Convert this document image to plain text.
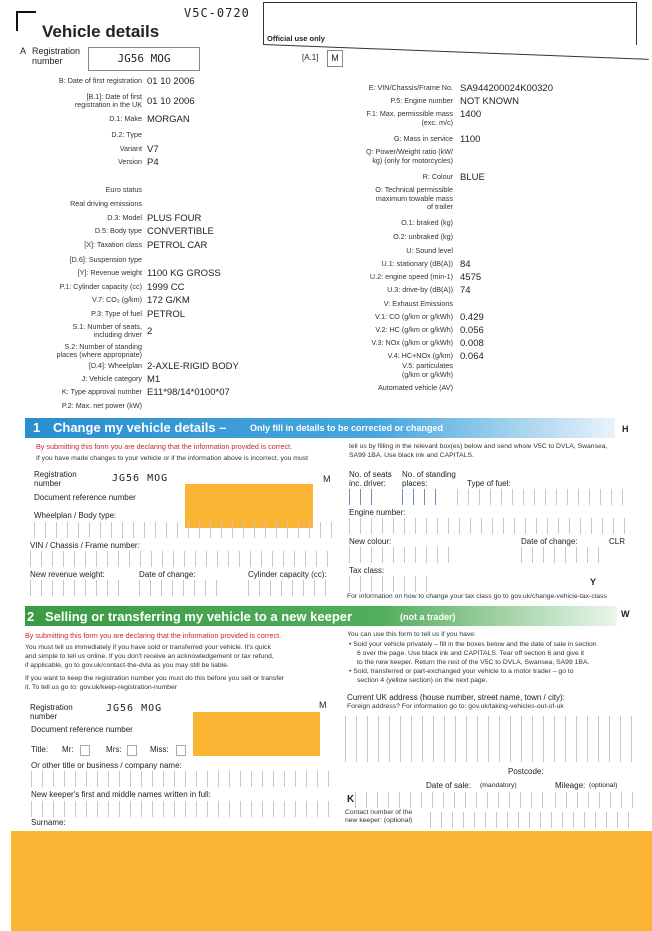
V5C-0720
Vehicle details	Official use only
A Registration
number	JG56 MOG	[A.1]	M
B: Date of first registration 01 10 2006
[B.1]: Date of first
registration in the UK 01 10 2006
D.1: Make MORGAN
D.2: Type
Variant V7
Version P4
Euro status
Real driving emissions
D.3: Model PLUS FOUR
D.5: Body type CONVERTIBLE
[X]: Taxation class PETROL CAR
[D.6]: Suspension type
[Y]: Revenue weight 1100 KG GROSS
P.1: Cylinder capacity (cc) 1999 CC
V.7: CO₂ (g/km) 172 G/KM
P.3: Type of fuel PETROL
S.1: Number of seats,
including driver 2
S.2: Number of standing
places (where appropriate)
[D.4]: Wheelplan 2-AXLE-RIGID BODY
J: Vehicle category M1
K: Type approval number E11*98/14*0100*07
P.2: Max. net power (kW)
E: VIN/Chassis/Frame No. SA944200024K00320
P.5: Engine number NOT KNOWN
F.1: Max. permissible mass
(exc. m/c)
1400
G: Mass in service 1100
Q: Power/Weight ratio (kW/
kg) (only for motorcycles)
R: Colour BLUE
O: Technical permissible
maximum towable mass
of trailer
O.1: braked (kg)
O.2: unbraked (kg)
U: Sound level
U.1: stationary (dB(A)) 84
U.2: engine speed (min-1) 4575
U.3: drive-by (dB(A)) 74
V: Exhaust Emissions
V.1: CO (g/km or g/kWh) 0.429
V.2: HC (g/km or g/kWh) 0.056
V.3: NOx (g/km or g/kWh) 0.008
V.4: HC+NOx (g/km) 0.064
V.5: particulates
(g/km or g/kWh)
Automated vehicle (AV)
1 Change my vehicle details –	Only fill in details to be corrected or changed	H
By submitting this form you are declaring that the information provided is correct.
If you have made changes to your vehicle or if the information above is incorrect, you must
tell us by filling in the relevant box(es) below and send whole V5C to DVLA, Swansea,
SA99 1BA. Use black ink and CAPITALS.
Registration
number	JG56 MOG	M
Document reference number
Wheelplan / Body type:
VIN / Chassis / Frame number:
New revenue weight:	Date of change:	Cylinder capacity (cc):
No. of seats
inc. driver:
No. of standing
places:	Type of fuel:
Engine number:
New colour:	Date of change:	CLR
Tax class:
Y
For information on how to change your tax class go to gov.uk/change-vehicle-tax-class
2 Selling or transferring my vehicle to a new keeper	(not a trader)	W
By submitting this form you are declaring that the information provided is correct.
You must tell us immediately if you have sold or transferred your vehicle. It's quick
and simple to tell us online. If you don't receive an acknowledgement or tax refund,
if applicable, go to gov.uk/contact-the-dvla as you may still be liable.
If you want to keep the registration number you must do this before you sell or transfer
it. To tell us go to: gov.uk/keep-registration-number
You can use this form to tell us if you have:
• Sold your vehicle privately – fill in the boxes below and the date of sale in section
6 over the page. Use black ink and CAPITALS. Tear off section 6 and give it
to the new keeper. Return the rest of the V5C to DVLA, Swansea, SA99 1BA.
• Sold, transferred or part-exchanged your vehicle to a motor trader – go to
section 4 (yellow section) on the next page.
Registration
number
JG56 MOG	M
Document reference number
Title: Mr:	Mrs:	Miss:
Or other title or business / company name:
New keeper's first and middle names written in full:
Surname:
Current UK address (house number, street name, town / city):
Foreign address? For information go to: gov.uk/taking-vehicles-out-of-uk
Postcode:
Date of sale: (mandatory)	Mileage: (optional)
K
Contact number of the
new keeper: (optional)
